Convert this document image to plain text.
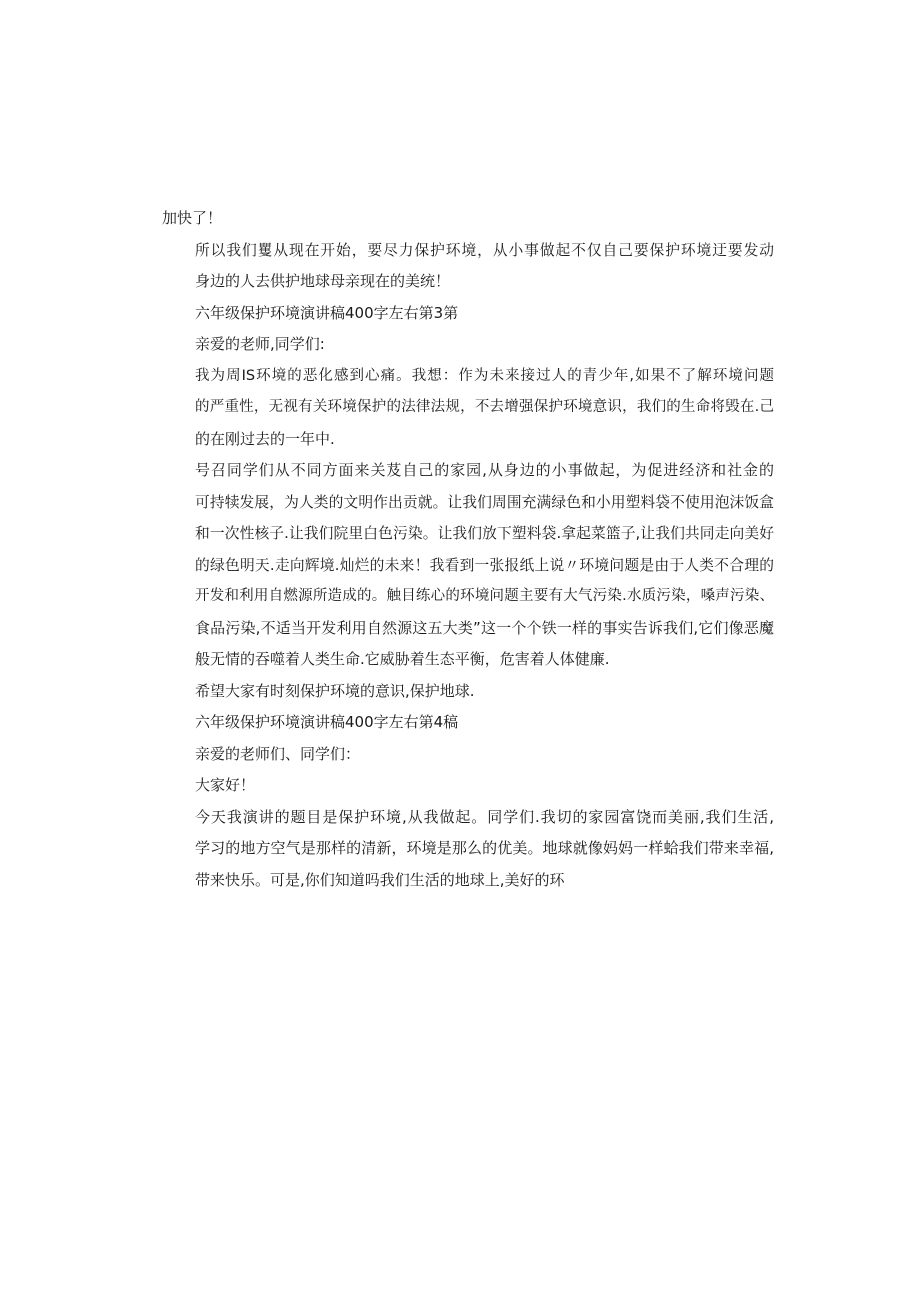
加快了！

所以我们矍从现在开始，要尽力保护环境，从小事做起不仅自己要保护环境迂要发动
身边的人去供护地球母亲现在的美统！

六年级保护环境演讲稿400字左右第3第

亲爱的老师,同学们:

我为周IS环境的恶化感到心痛。我想：作为未来接过人的青少年,如果不了解环境问题
的严重性，无视有关环境保护的法律法规，不去增强保护环境意识，我们的生命将毁在.己
的在刚过去的一年中.

号召同学们从不同方面来关芨自己的家园,从身边的小事做起，为促进经济和社金的
可持犊发展，为人类的文明作出贡就。让我们周围充满绿色和小用塑料袋不使用泡沫饭盒
和一次性核子.让我们院里白色污染。让我们放下塑料袋.拿起菜篮子,让我们共同走向美好
的绿色明天.走向辉境.灿烂的未来！我看到一张报纸上说〃环境问题是由于人类不合理的
开发和利用自燃源所造成的。触目练心的环境问题主要有大气污染.水质污染，嗓声污染、
食品污染,不适当开发利用自然源这五大类”这一个个铁一样的事实告诉我们,它们像恶魔
般无情的吞噬着人类生命.它威胁着生态平衡，危害着人体健廉.

希望大家有时刻保护环境的意识,保护地球.

六年级保护环境演讲稿400字左右第4稿

亲爱的老师们、同学们：

大家好！

今天我演讲的题目是保护环境,从我做起。同学们.我切的家园富饶而美丽,我们生活,
学习的地方空气是那样的清新，环境是那么的优美。地球就像妈妈一样蛤我们带来幸福,
带来快乐。可是,你们知道吗我们生活的地球上,美好的环
